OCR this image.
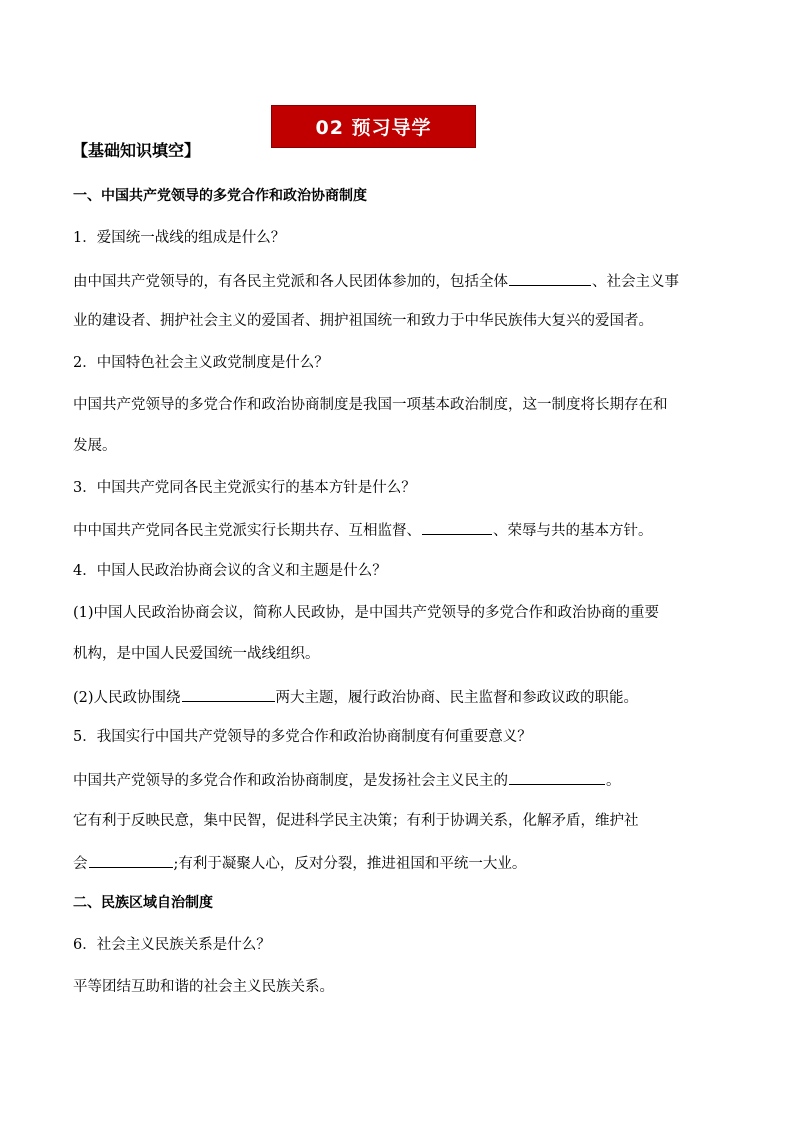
02 预习导学
【基础知识填空】
一、中国共产党领导的多党合作和政治协商制度
1．爱国统一战线的组成是什么？
由中国共产党领导的，有各民主党派和各人民团体参加的，包括全体	、社会主义事
业的建设者、拥护社会主义的爱国者、拥护祖国统一和致力于中华民族伟大复兴的爱国者。
2．中国特色社会主义政党制度是什么？
中国共产党领导的多党合作和政治协商制度是我国一项基本政治制度，这一制度将长期存在和
发展。
3．中国共产党同各民主党派实行的基本方针是什么？
中中国共产党同各民主党派实行长期共存、互相监督、	、荣辱与共的基本方针。
4．中国人民政治协商会议的含义和主题是什么？
(1)中国人民政治协商会议，简称人民政协，是中国共产党领导的多党合作和政治协商的重要
机构，是中国人民爱国统一战线组织。
(2)人民政协围绕	两大主题，履行政治协商、民主监督和参政议政的职能。
5．我国实行中国共产党领导的多党合作和政治协商制度有何重要意义？
中国共产党领导的多党合作和政治协商制度，是发扬社会主义民主的	。
它有利于反映民意，集中民智，促进科学民主决策；有利于协调关系，化解矛盾，维护社
会	;有利于凝聚人心，反对分裂，推进祖国和平统一大业。
二、民族区域自治制度
6．社会主义民族关系是什么？
平等团结互助和谐的社会主义民族关系。
